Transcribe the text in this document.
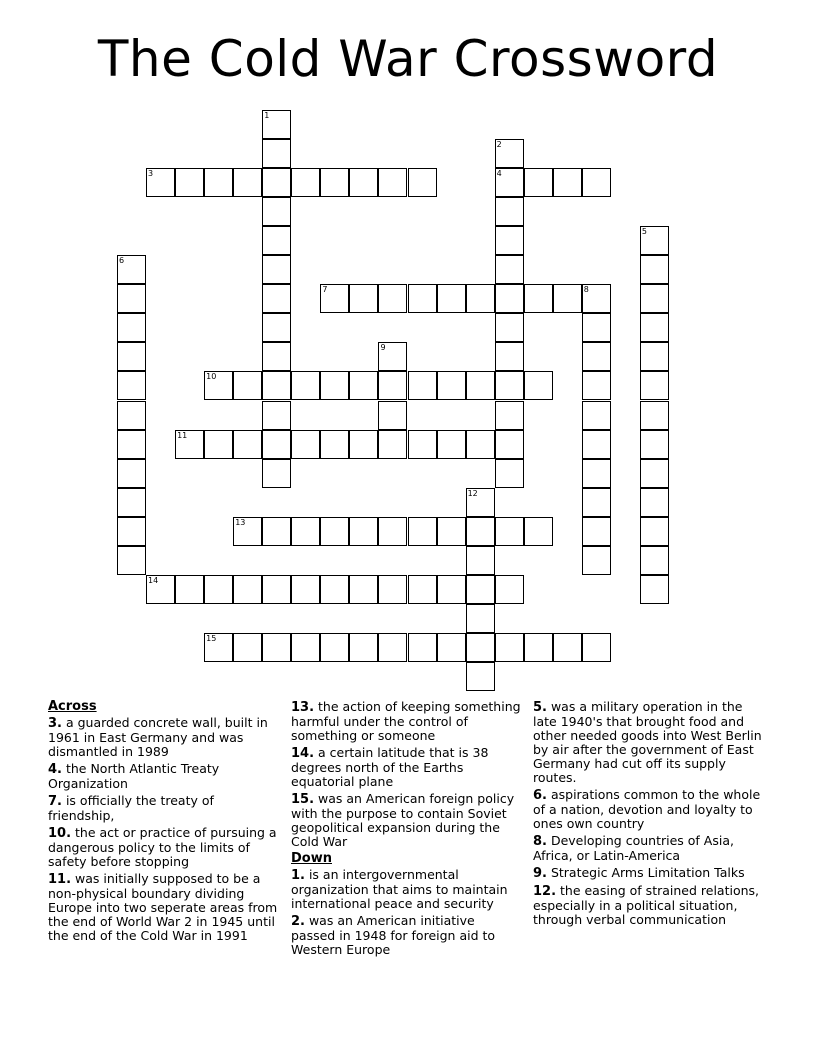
The Cold War Crossword
1
2
4
3
5
6
7	8
9
10
11
12
13
14
15
Across
3. a guarded concrete wall, built in 1961 in East Germany and was dismantled in 1989
4. the North Atlantic Treaty Organization
7. is officially the treaty of friendship,
10. the act or practice of pursuing a dangerous policy to the limits of safety before stopping
11. was initially supposed to be a non-physical boundary dividing Europe into two seperate areas from the end of World War 2 in 1945 until the end of the Cold War in 1991
13. the action of keeping something harmful under the control of something or someone
14. a certain latitude that is 38 degrees north of the Earths equatorial plane
15. was an American foreign policy with the purpose to contain Soviet geopolitical expansion during the Cold War
Down
1. is an intergovernmental organization that aims to maintain international peace and security
2. was an American initiative passed in 1948 for foreign aid to Western Europe
5. was a military operation in the late 1940's that brought food and other needed goods into West Berlin by air after the government of East Germany had cut off its supply routes.
6. aspirations common to the whole of a nation, devotion and loyalty to ones own country
8. Developing countries of Asia, Africa, or Latin-America
9. Strategic Arms Limitation Talks
12. the easing of strained relations, especially in a political situation, through verbal communication
